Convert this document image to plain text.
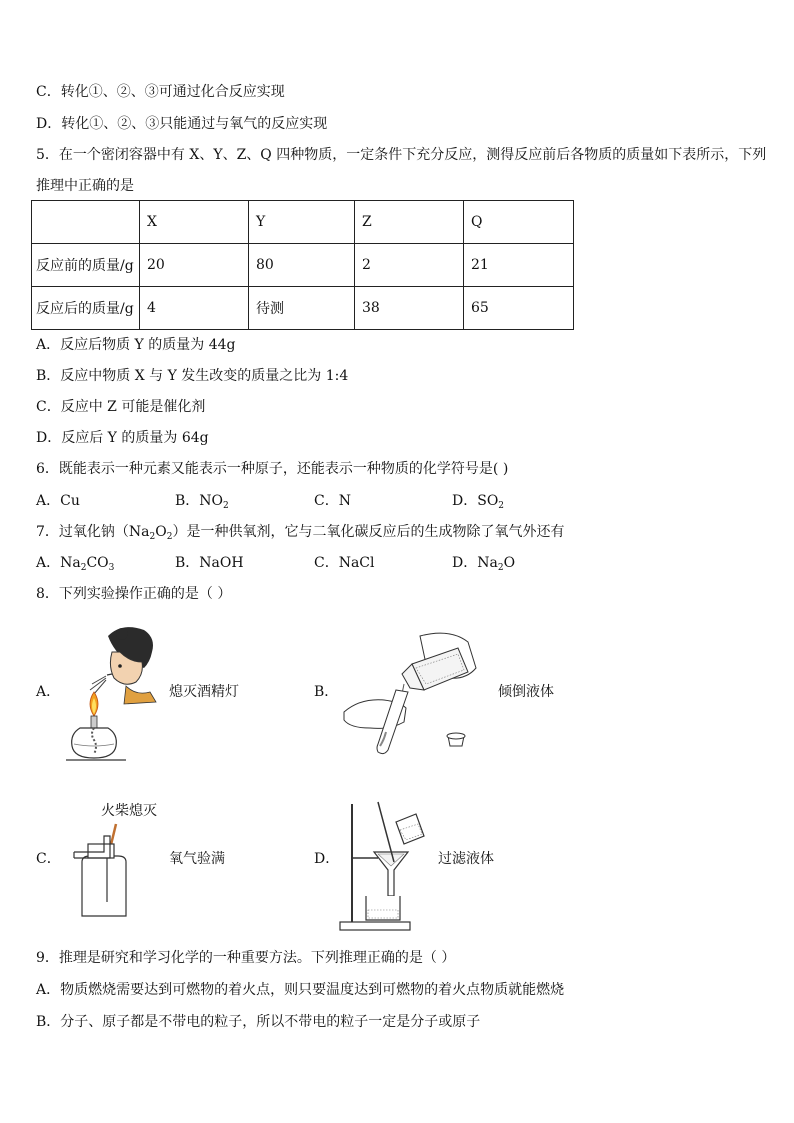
C．转化①、②、③可通过化合反应实现
D．转化①、②、③只能通过与氧气的反应实现
5．在一个密闭容器中有 X、Y、Z、Q 四种物质，一定条件下充分反应，测得反应前后各物质的质量如下表所示，下列
推理中正确的是
	X	Y	Z	Q
反应前的质量/g	20	80	2	21
反应后的质量/g	4	待测	38	65
A．反应后物质 Y 的质量为 44g
B．反应中物质 X 与 Y 发生改变的质量之比为 1:4
C．反应中 Z 可能是催化剂
D．反应后 Y 的质量为 64g
6．既能表示一种元素又能表示一种原子，还能表示一种物质的化学符号是( )
A．Cu	B．$NO_2$	C．N	D．$SO_2$
7．过氧化钠$(Na_2O_2)$是一种供氧剂，它与二氧化碳反应后的生成物除了氧气外还有
A．$Na_2CO_3$	B．NaOH	C．NaCl	D．$Na_2O$
8．下列实验操作正确的是（ ）
A．	熄灭酒精灯	B．	倾倒液体
火柴熄灭
C．	氧气验满	D．	过滤液体
9．推理是研究和学习化学的一种重要方法。下列推理正确的是（ ）
A．物质燃烧需要达到可燃物的着火点，则只要温度达到可燃物的着火点物质就能燃烧
B．分子、原子都是不带电的粒子，所以不带电的粒子一定是分子或原子
